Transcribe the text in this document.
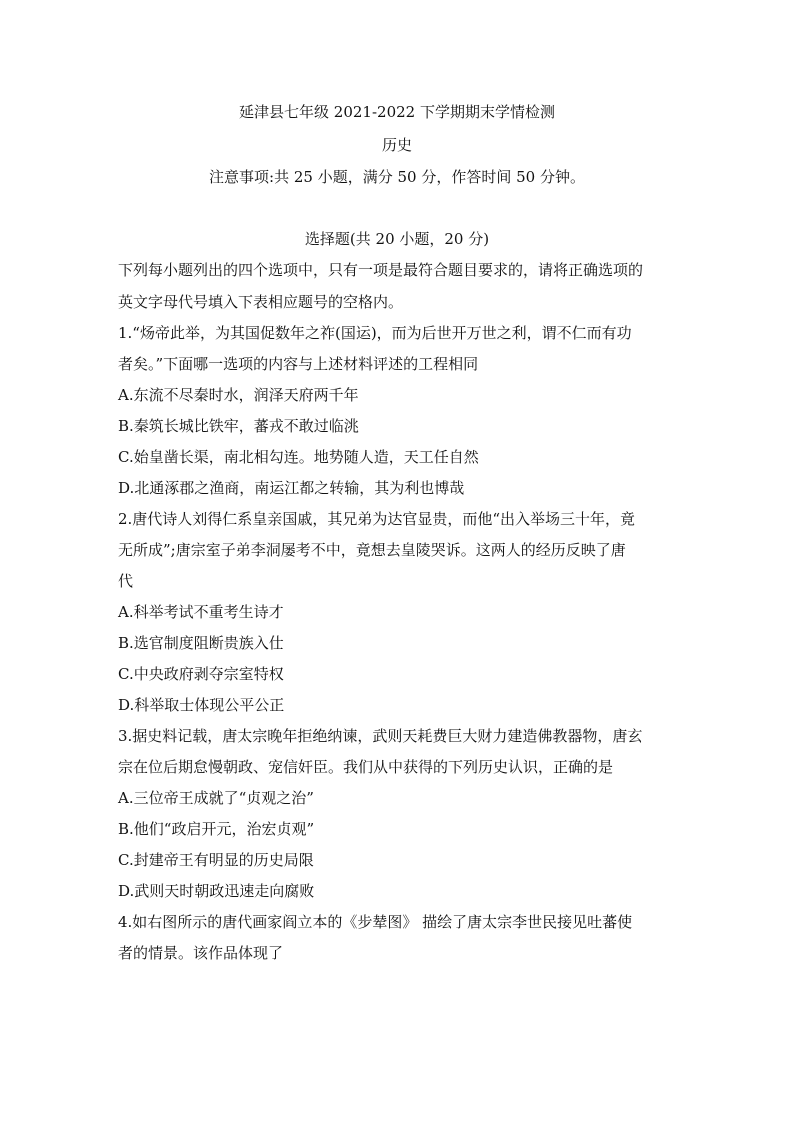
延津县七年级 2021-2022 下学期期末学情检测
历史
注意事项:共 25 小题，满分 50 分，作答时间 50 分钟。
选择题(共 20 小题，20 分)
下列每小题列出的四个选项中，只有一项是最符合题目要求的，请将正确选项的
英文字母代号填入下表相应题号的空格内。
1.“炀帝此举，为其国促数年之祚(国运)，而为后世开万世之利，谓不仁而有功
者矣。”下面哪一选项的内容与上述材料评述的工程相同
A.东流不尽秦时水，润泽天府两千年
B.秦筑长城比铁牢，蕃戎不敢过临洮
C.始皇凿长渠，南北相勾连。地势随人造，天工任自然
D.北通涿郡之渔商，南运江都之转输，其为利也博哉
2.唐代诗人刘得仁系皇亲国戚，其兄弟为达官显贵，而他“出入举场三十年，竟
无所成”;唐宗室子弟李洞屡考不中，竟想去皇陵哭诉。这两人的经历反映了唐
代
A.科举考试不重考生诗才
B.选官制度阻断贵族入仕
C.中央政府剥夺宗室特权
D.科举取士体现公平公正
3.据史料记载，唐太宗晚年拒绝纳谏，武则天耗费巨大财力建造佛教器物，唐玄
宗在位后期怠慢朝政、宠信奸臣。我们从中获得的下列历史认识，正确的是
A.三位帝王成就了“贞观之治”
B.他们“政启开元，治宏贞观”
C.封建帝王有明显的历史局限
D.武则天时朝政迅速走向腐败
4.如右图所示的唐代画家阎立本的《步辇图》 描绘了唐太宗李世民接见吐蕃使
者的情景。该作品体现了
